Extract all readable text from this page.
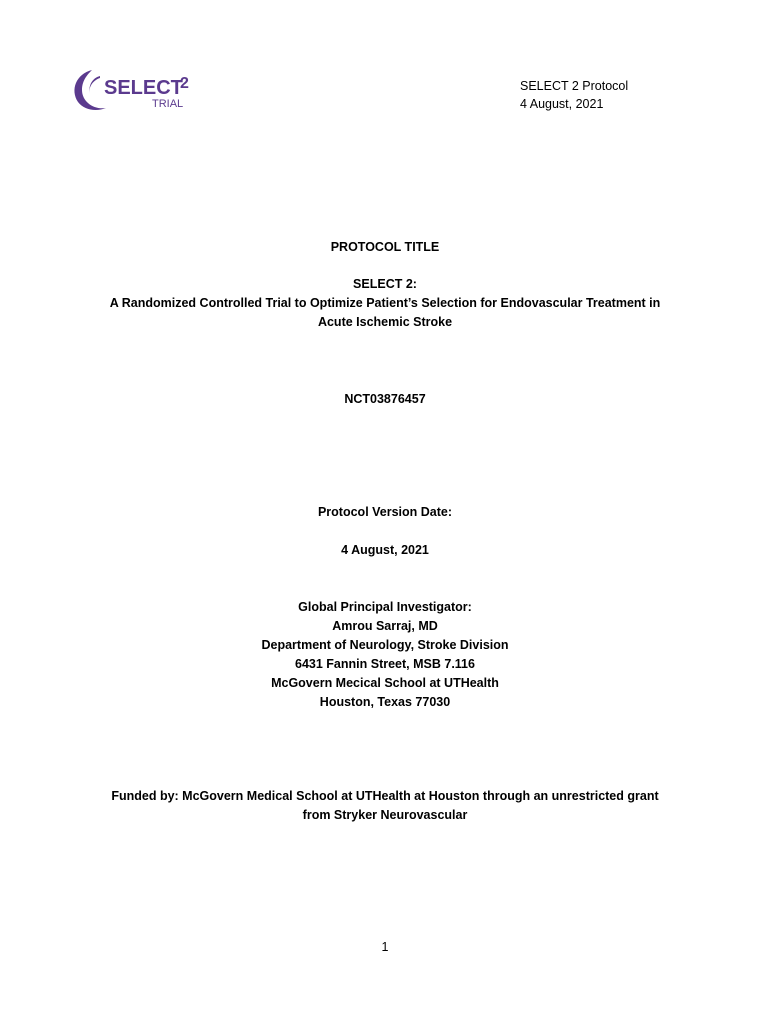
SELECT
2
TRIAL
SELECT 2 Protocol
4 August, 2021
PROTOCOL TITLE
SELECT 2:
A Randomized Controlled Trial to Optimize Patient’s Selection for Endovascular Treatment in
Acute Ischemic Stroke
NCT03876457
Protocol Version Date:
4 August, 2021
Global Principal Investigator:
Amrou Sarraj, MD
Department of Neurology, Stroke Division
6431 Fannin Street, MSB 7.116
McGovern Mecical School at UTHealth
Houston, Texas 77030
Funded by: McGovern Medical School at UTHealth at Houston through an unrestricted grant
from Stryker Neurovascular
1
